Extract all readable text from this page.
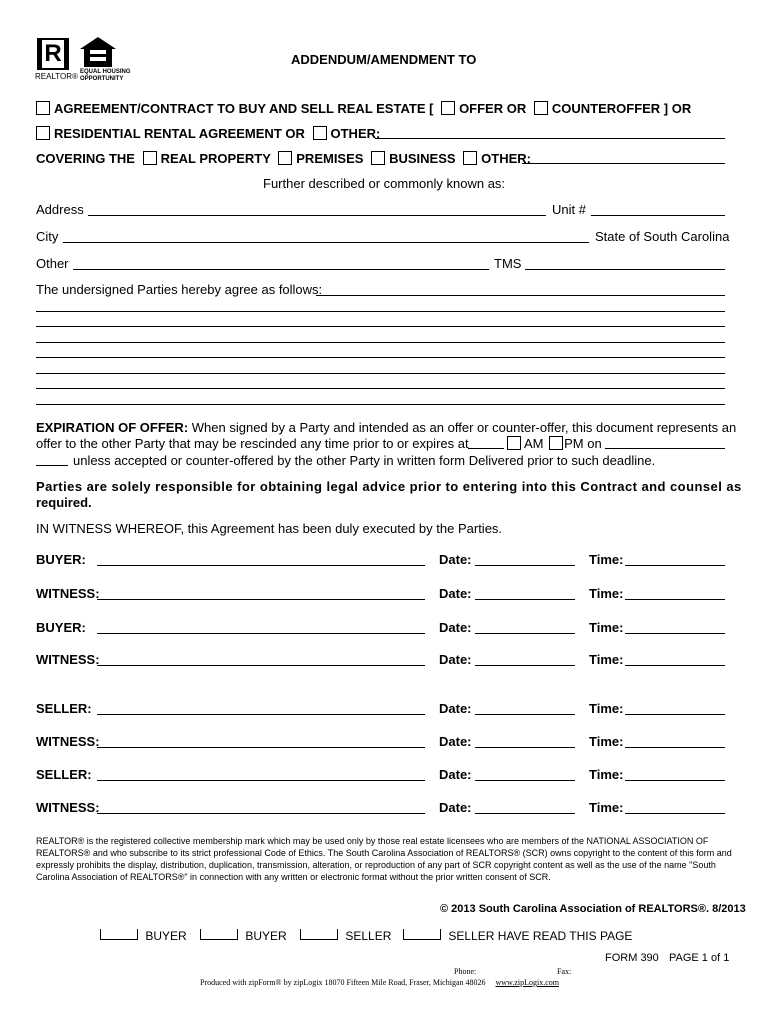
R
REALTOR® EQUAL HOUSING
OPPORTUNITY
ADDENDUM/AMENDMENT TO
AGREEMENT/CONTRACT TO BUY AND SELL REAL ESTATE [ OFFER OR COUNTEROFFER ] OR
RESIDENTIAL RENTAL AGREEMENT OR OTHER:
COVERING THE REAL PROPERTY PREMISES BUSINESS OTHER:
Further described or commonly known as:
Address	Unit #
City	State of South Carolina
Other	TMS
The undersigned Parties hereby agree as follows:
EXPIRATION OF OFFER: When signed by a Party and intended as an offer or counter-offer, this document represents an
offer to the other Party that may be rescinded any time prior to or expires at	AM PM on
unless accepted or counter-offered by the other Party in written form Delivered prior to such deadline.
Parties are solely responsible for obtaining legal advice prior to entering into this Contract and counsel as
required.
IN WITNESS WHEREOF, this Agreement has been duly executed by the Parties.
BUYER:	Date:	Time:
WITNESS:	Date:	Time:
BUYER:	Date:	Time:
WITNESS:	Date:	Time:
SELLER:	Date:	Time:
WITNESS:	Date:	Time:
SELLER:	Date:	Time:
WITNESS:	Date:	Time:
REALTOR® is the registered collective membership mark which may be used only by those real estate licensees who are members of the NATIONAL ASSOCIATION OF
REALTORS® and who subscribe to its strict professional Code of Ethics. The South Carolina Association of REALTORS® (SCR) owns copyright to the content of this form and
expressly prohibits the display, distribution, duplication, transmission, alteration, or reproduction of any part of SCR copyright content as well as the use of the name "South
Carolina Association of REALTORS®" in connection with any written or electronic format without the prior written consent of SCR.
© 2013 South Carolina Association of REALTORS®. 8/2013
BUYER	BUYER	SELLER	SELLER HAVE READ THIS PAGE
FORM 390 PAGE 1 of 1
Phone:	Fax:
Produced with zipForm® by zipLogix 18070 Fifteen Mile Road, Fraser, Michigan 48026 www.zipLogix.com
